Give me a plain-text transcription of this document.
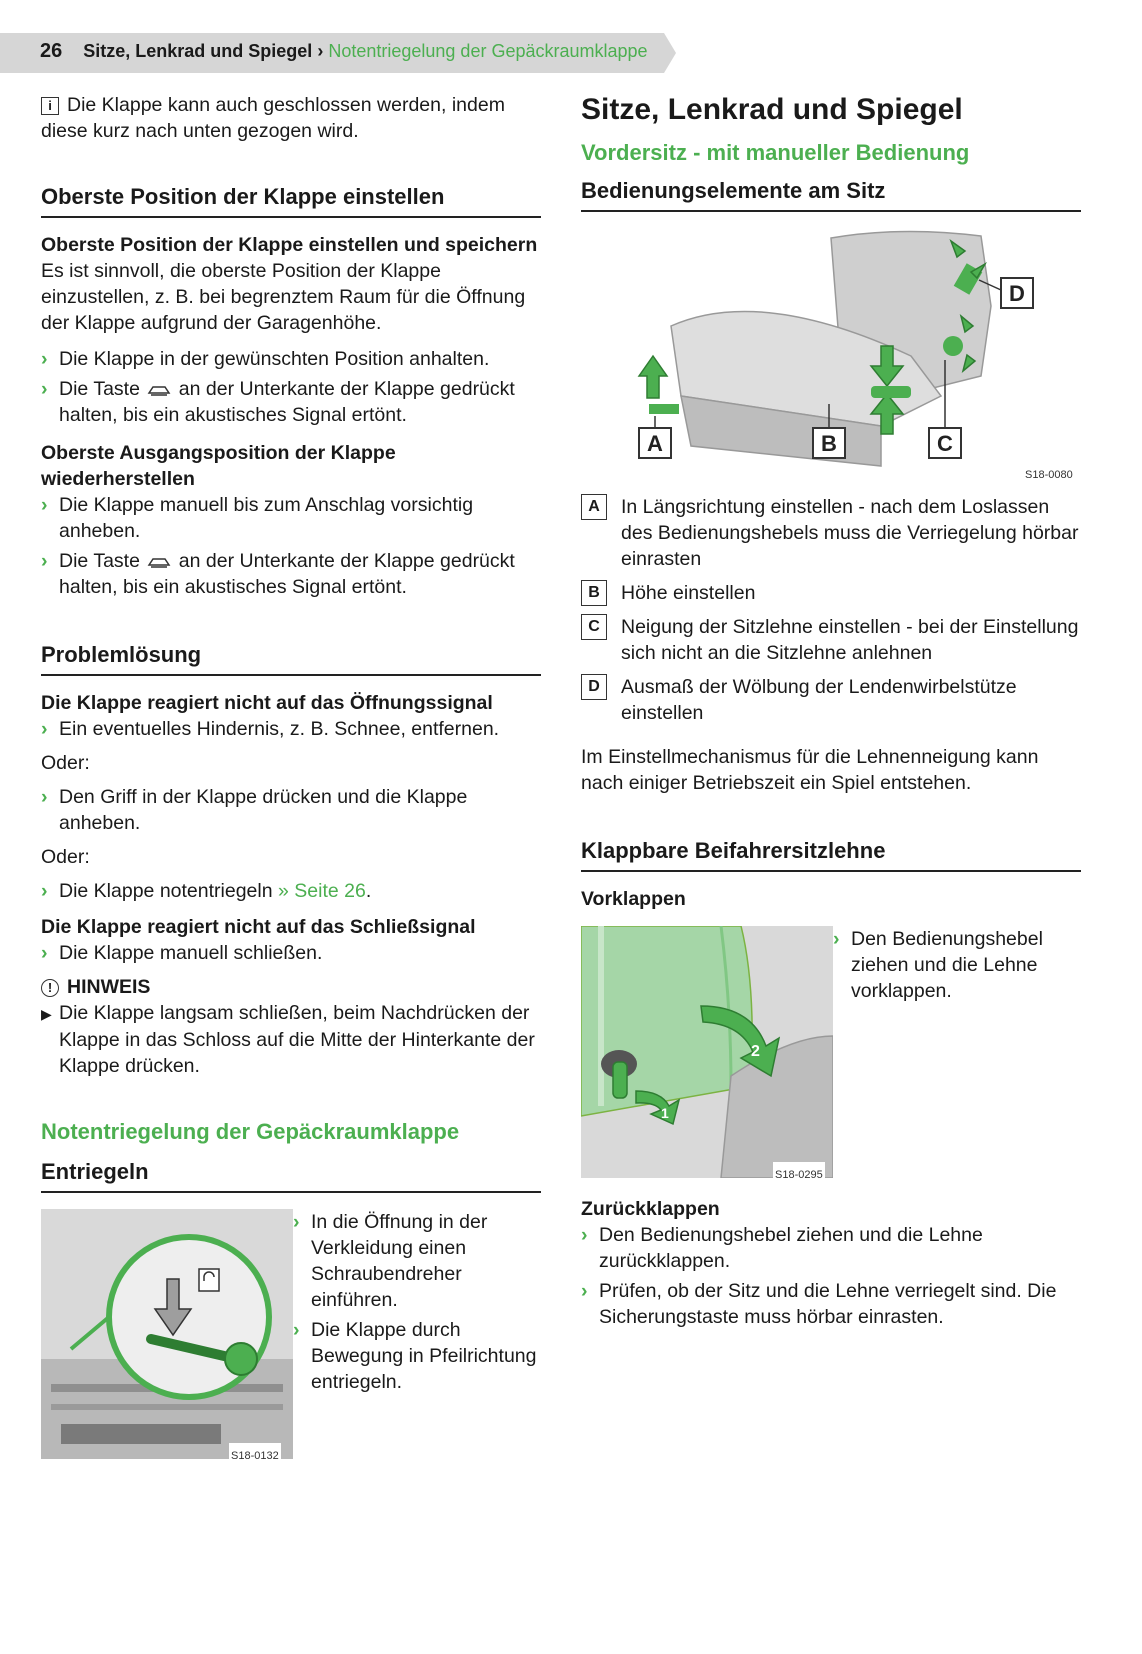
26 Sitze, Lenkrad und Spiegel › Notentriegelung der Gepäckraumklappe

i Die Klappe kann auch geschlossen werden, indem diese kurz nach unten gezogen wird.

Oberste Position der Klappe einstellen

Oberste Position der Klappe einstellen und speichern

Es ist sinnvoll, die oberste Position der Klappe einzustellen, z. B. bei begrenztem Raum für die Öffnung der Klappe aufgrund der Garagenhöhe.

› Die Klappe in der gewünschten Position anhalten.

› Die Taste an der Unterkante der Klappe gedrückt halten, bis ein akustisches Signal ertönt.

Oberste Ausgangsposition der Klappe wiederherstellen

› Die Klappe manuell bis zum Anschlag vorsichtig anheben.

› Die Taste an der Unterkante der Klappe gedrückt halten, bis ein akustisches Signal ertönt.

Problemlösung

Die Klappe reagiert nicht auf das Öffnungssignal

› Ein eventuelles Hindernis, z. B. Schnee, entfernen.

Oder:

› Den Griff in der Klappe drücken und die Klappe anheben.

Oder:

› Die Klappe notentriegeln » Seite 26.

Die Klappe reagiert nicht auf das Schließsignal

› Die Klappe manuell schließen.

! HINWEIS

▶ Die Klappe langsam schließen, beim Nachdrücken der Klappe in das Schloss auf die Mitte der Hinterkante der Klappe drücken.

Notentriegelung der Gepäckraumklappe

Entriegeln
S18-0132

› In die Öffnung in der Verkleidung einen Schraubendreher einführen.

› Die Klappe durch Bewegung in Pfeilrichtung entriegeln.

Sitze, Lenkrad und Spiegel

Vordersitz - mit manueller Bedienung

Bedienungselemente am Sitz
A	B	C
D
S18-0080
A	In Längsrichtung einstellen - nach dem Loslassen des Bedienungshebels muss die Verriegelung hörbar einrasten
B	Höhe einstellen
C	Neigung der Sitzlehne einstellen - bei der Einstellung sich nicht an die Sitzlehne anlehnen
D	Ausmaß der Wölbung der Lendenwirbelstütze einstellen

Im Einstellmechanismus für die Lehnenneigung kann nach einiger Betriebszeit ein Spiel entstehen.

Klappbare Beifahrersitzlehne

Vorklappen

2
1
S18-0295

› Den Bedienungshebel ziehen und die Lehne vorklappen.

Zurückklappen

› Den Bedienungshebel ziehen und die Lehne zurückklappen.

› Prüfen, ob der Sitz und die Lehne verriegelt sind. Die Sicherungstaste muss hörbar einrasten.
